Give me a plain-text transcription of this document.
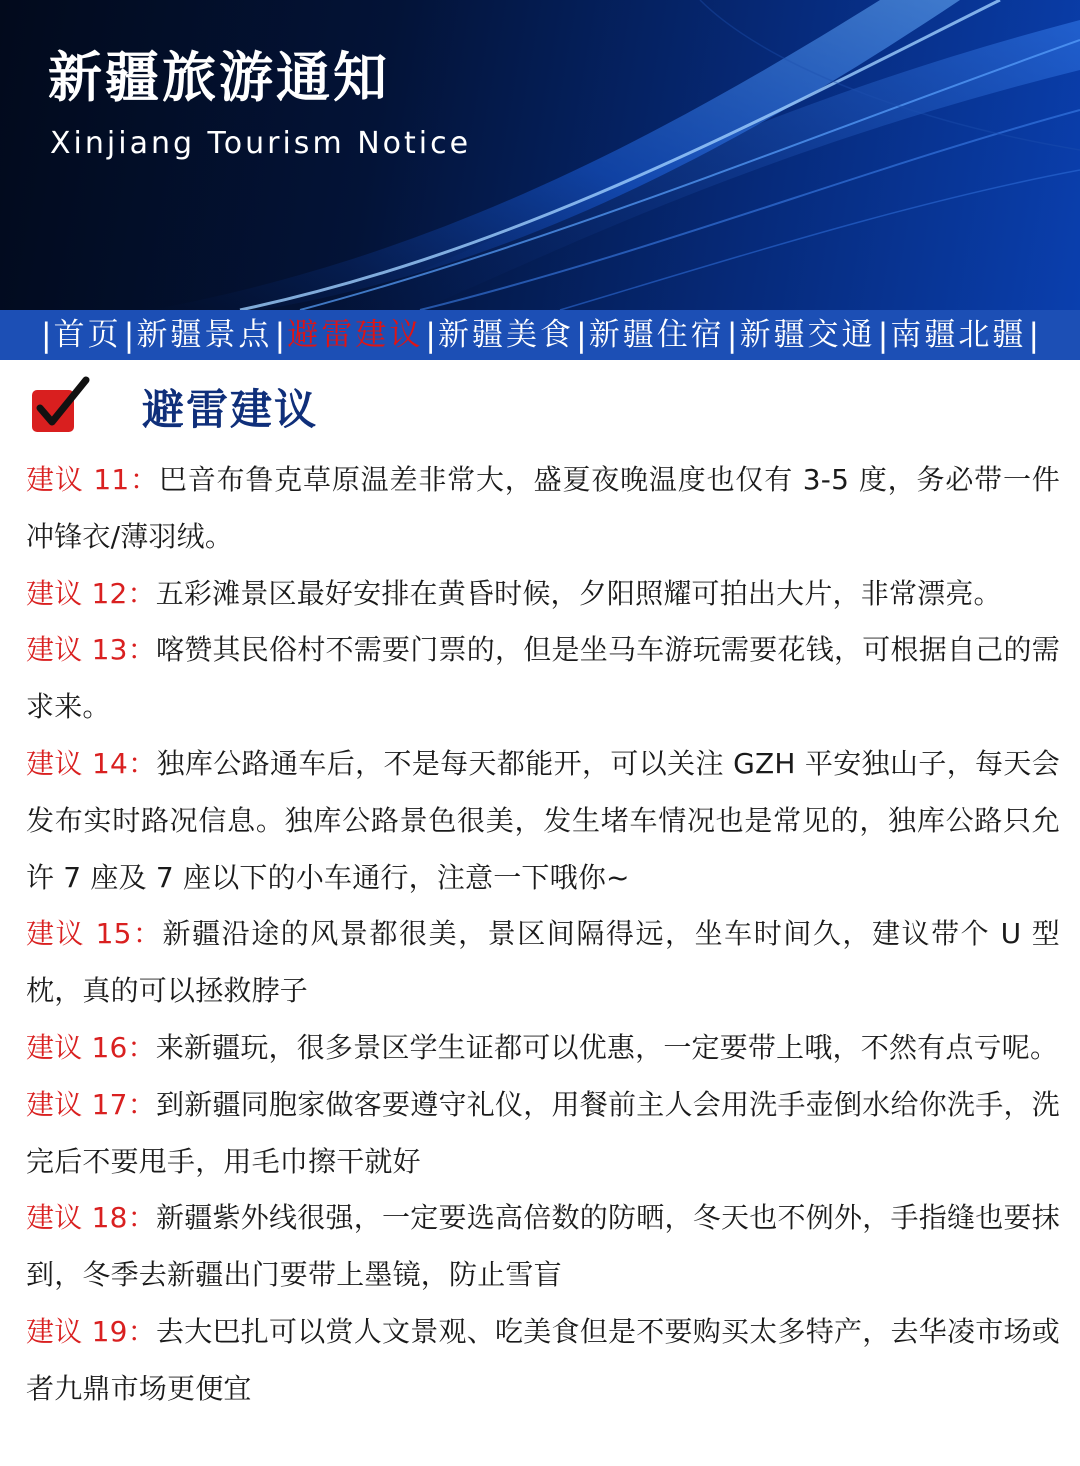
新疆旅游通知
Xinjiang Tourism Notice
| 首页 | 新疆景点 | 避雷建议 | 新疆美食 | 新疆住宿 | 新疆交通 | 南疆北疆 |
避雷建议

建议 11：巴音布鲁克草原温差非常大，盛夏夜晚温度也仅有 3-5 度，务必带一件冲锋衣/薄羽绒。

建议 12：五彩滩景区最好安排在黄昏时候，夕阳照耀可拍出大片，非常漂亮。

建议 13：喀赞其民俗村不需要门票的，但是坐马车游玩需要花钱，可根据自己的需求来。

建议 14：独库公路通车后，不是每天都能开，可以关注 GZH 平安独山子，每天会发布实时路况信息。独库公路景色很美，发生堵车情况也是常见的，独库公路只允许 7 座及 7 座以下的小车通行，注意一下哦你~

建议 15：新疆沿途的风景都很美，景区间隔得远，坐车时间久，建议带个 U 型枕，真的可以拯救脖子

建议 16：来新疆玩，很多景区学生证都可以优惠，一定要带上哦，不然有点亏呢。

建议 17：到新疆同胞家做客要遵守礼仪，用餐前主人会用洗手壶倒水给你洗手，洗完后不要甩手，用毛巾擦干就好

建议 18：新疆紫外线很强，一定要选高倍数的防晒，冬天也不例外，手指缝也要抹到，冬季去新疆出门要带上墨镜，防止雪盲

建议 19：去大巴扎可以赏人文景观、吃美食但是不要购买太多特产，去华凌市场或者九鼎市场更便宜
